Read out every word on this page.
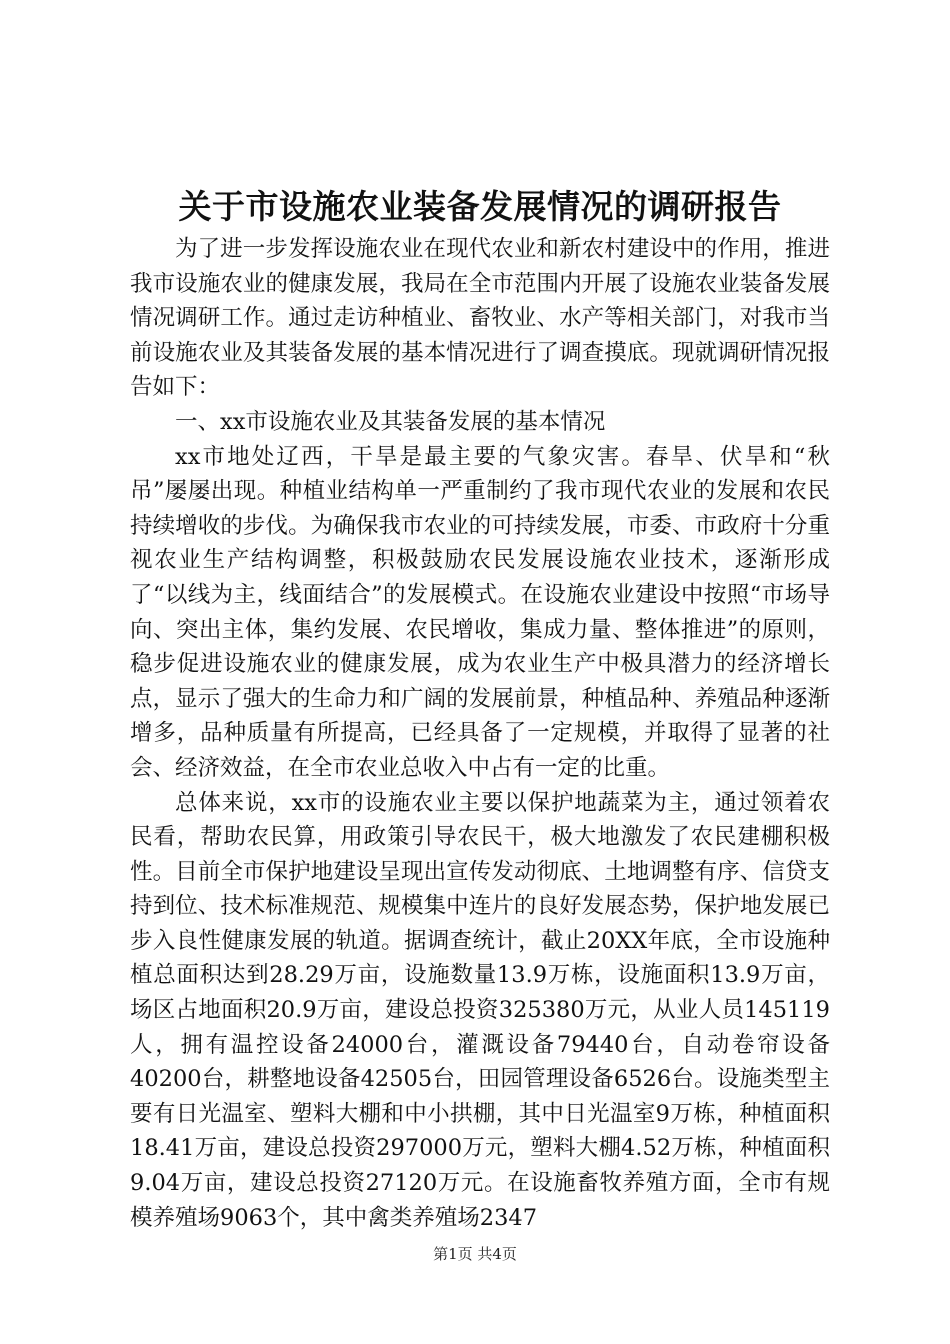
关于市设施农业装备发展情况的调研报告

为了进一步发挥设施农业在现代农业和新农村建设中的作用，推进我市设施农业的健康发展，我局在全市范围内开展了设施农业装备发展情况调研工作。通过走访种植业、畜牧业、水产等相关部门，对我市当前设施农业及其装备发展的基本情况进行了调查摸底。现就调研情况报告如下：

一、xx市设施农业及其装备发展的基本情况

xx市地处辽西，干旱是最主要的气象灾害。春旱、伏旱和“秋吊”屡屡出现。种植业结构单一严重制约了我市现代农业的发展和农民持续增收的步伐。为确保我市农业的可持续发展，市委、市政府十分重视农业生产结构调整，积极鼓励农民发展设施农业技术，逐渐形成了“以线为主，线面结合”的发展模式。在设施农业建设中按照“市场导向、突出主体，集约发展、农民增收，集成力量、整体推进”的原则，稳步促进设施农业的健康发展，成为农业生产中极具潜力的经济增长点，显示了强大的生命力和广阔的发展前景，种植品种、养殖品种逐渐增多，品种质量有所提高，已经具备了一定规模，并取得了显著的社会、经济效益，在全市农业总收入中占有一定的比重。

总体来说，xx市的设施农业主要以保护地蔬菜为主，通过领着农民看，帮助农民算，用政策引导农民干，极大地激发了农民建棚积极性。目前全市保护地建设呈现出宣传发动彻底、土地调整有序、信贷支持到位、技术标准规范、规模集中连片的良好发展态势，保护地发展已步入良性健康发展的轨道。据调查统计，截止20XX年底，全市设施种植总面积达到28.29万亩，设施数量13.9万栋，设施面积13.9万亩，场区占地面积20.9万亩，建设总投资325380万元，从业人员145119人，拥有温控设备24000台，灌溉设备79440台，自动卷帘设备40200台，耕整地设备42505台，田园管理设备6526台。设施类型主要有日光温室、塑料大棚和中小拱棚，其中日光温室9万栋，种植面积18.41万亩，建设总投资297000万元，塑料大棚4.52万栋，种植面积9.04万亩，建设总投资27120万元。在设施畜牧养殖方面，全市有规模养殖场9063个，其中禽类养殖场2347

第1页 共4页
